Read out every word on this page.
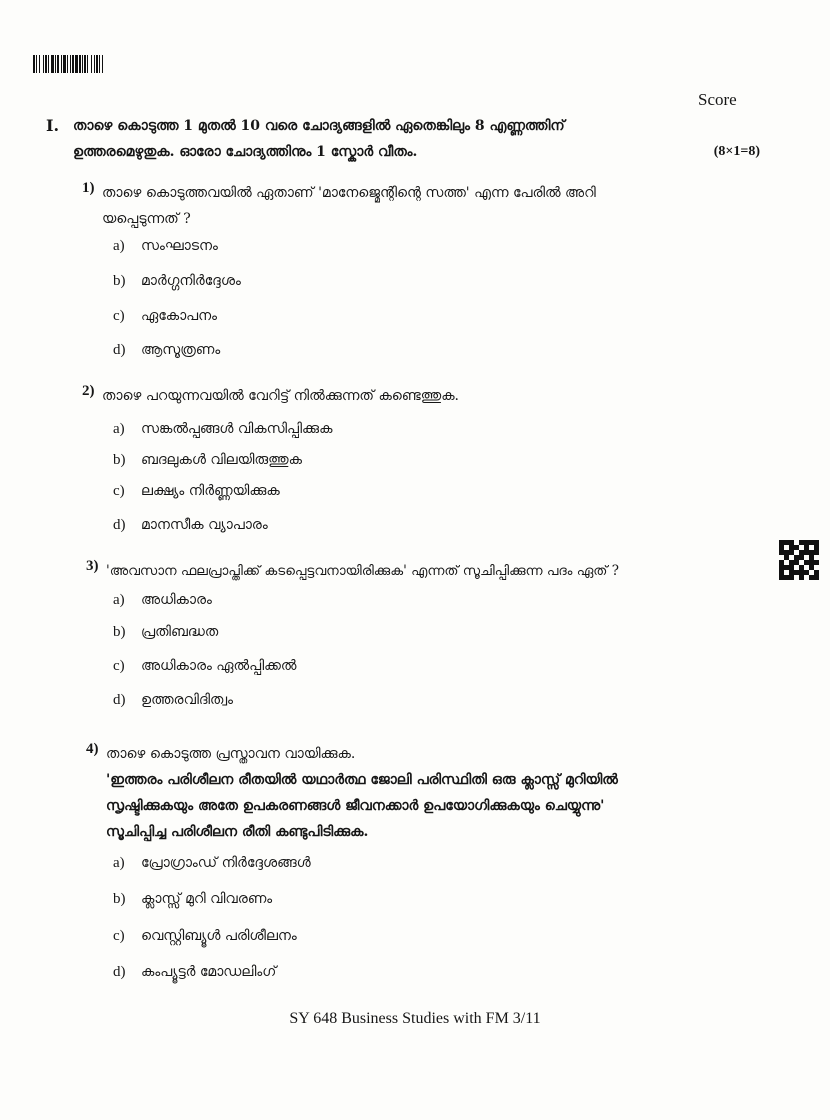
Score
I. താഴെ കൊടുത്ത 1 മുതൽ 10 വരെ ചോദ്യങ്ങളിൽ ഏതെങ്കിലും 8 എണ്ണത്തിന്
ഉത്തരമെഴുതുക. ഓരോ ചോദ്യത്തിനും 1 സ്കോർ വീതം.	(8×1=8)
1) താഴെ കൊടുത്തവയിൽ ഏതാണ് 'മാനേജ്മെന്റിന്റെ സത്ത' എന്ന പേരിൽ അറി
യപ്പെടുന്നത് ?
a) സംഘാടനം
b) മാർഗ്ഗനിർദ്ദേശം
c) ഏകോപനം
d) ആസൂത്രണം
2) താഴെ പറയുന്നവയിൽ വേറിട്ട് നിൽക്കുന്നത് കണ്ടെത്തുക.
a) സങ്കൽപ്പങ്ങൾ വികസിപ്പിക്കുക
b) ബദലുകൾ വിലയിരുത്തുക
c) ലക്ഷ്യം നിർണ്ണയിക്കുക
d) മാനസീക വ്യാപാരം
3) 'അവസാന ഫലപ്രാപ്തിക്ക് കടപ്പെട്ടവനായിരിക്കുക' എന്നത് സൂചിപ്പിക്കുന്ന പദം ഏത് ?
a) അധികാരം
b) പ്രതിബദ്ധത
c) അധികാരം ഏൽപ്പിക്കൽ
d) ഉത്തരവിദിത്വം
4) താഴെ കൊടുത്ത പ്രസ്താവന വായിക്കുക.
'ഇത്തരം പരിശീലന രീതയിൽ യഥാർത്ഥ ജോലി പരിസ്ഥിതി ഒരു ക്ലാസ്സ് മുറിയിൽ
സൃഷ്ടിക്കുകയും അതേ ഉപകരണങ്ങൾ ജീവനക്കാർ ഉപയോഗിക്കുകയും ചെയ്യുന്നു'
സൂചിപ്പിച്ച പരിശീലന രീതി കണ്ടുപിടിക്കുക.
a) പ്രോഗ്രാംഡ് നിർദ്ദേശങ്ങൾ
b) ക്ലാസ്സ് മുറി വിവരണം
c) വെസ്റ്റിബ്യൂൾ പരിശീലനം
d) കംപ്യൂട്ടർ മോഡലിംഗ്
SY 648 Business Studies with FM 3/11
